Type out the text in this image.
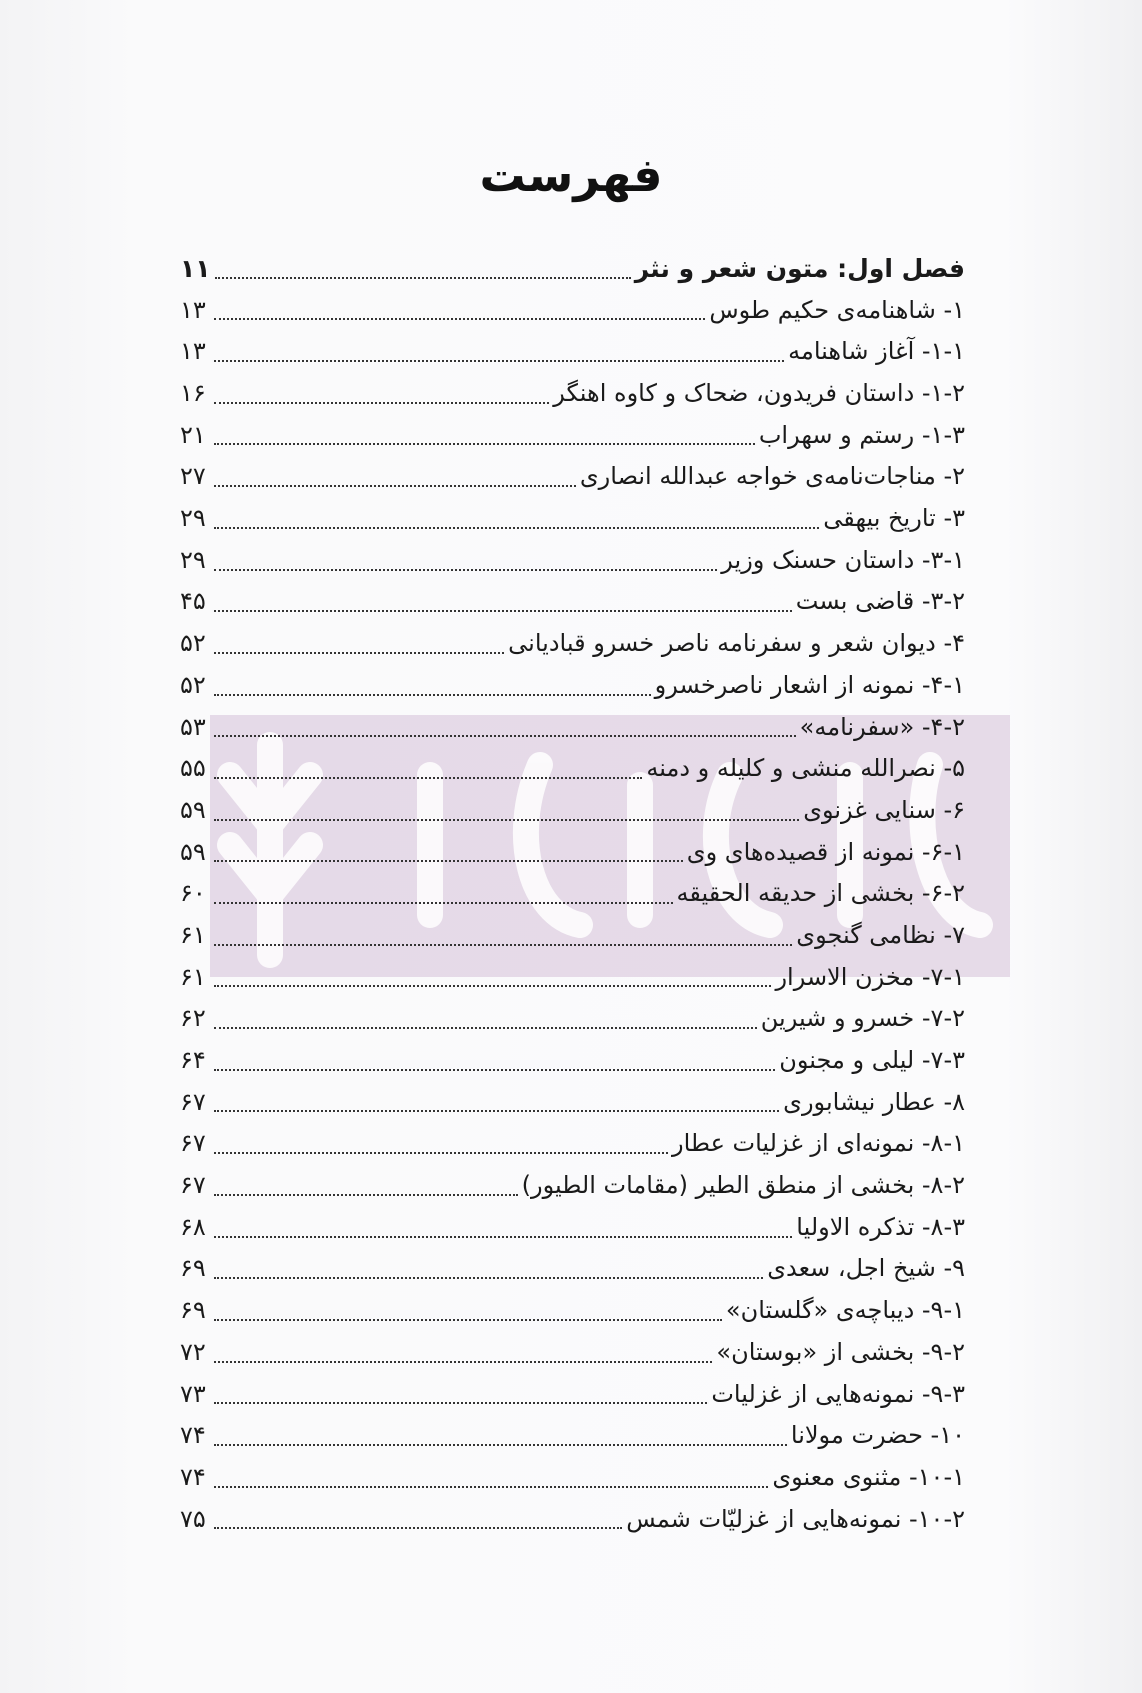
فهرست
فصل اول: متون شعر و نثر
۱۱
۱- شاهنامه‌ی حکیم طوس
۱۳
۱-۱- آغاز شاهنامه
۱۳
۱-۲- داستان فریدون، ضحاک و کاوه اهنگر
۱۶
۱-۳- رستم و سهراب
۲۱
۲- مناجات‌نامه‌ی خواجه عبدالله انصاری
۲۷
۳- تاریخ بیهقی
۲۹
۳-۱- داستان حسنک وزیر
۲۹
۳-۲- قاضی بست
۴۵
۴- دیوان شعر و سفرنامه ناصر خسرو قبادیانی
۵۲
۴-۱- نمونه از اشعار ناصرخسرو
۵۲
۴-۲- «سفرنامه»
۵۳
۵- نصرالله منشی و کلیله و دمنه
۵۵
۶- سنایی غزنوی
۵۹
۶-۱- نمونه از قصیده‌های وی
۵۹
۶-۲- بخشی از حدیقه الحقیقه
۶۰
۷- نظامی گنجوی
۶۱
۷-۱- مخزن الاسرار
۶۱
۷-۲- خسرو و شیرین
۶۲
۷-۳- لیلی و مجنون
۶۴
۸- عطار نیشابوری
۶۷
۸-۱- نمونه‌ای از غزلیات عطار
۶۷
۸-۲- بخشی از منطق الطیر (مقامات الطیور)
۶۷
۸-۳- تذکره الاولیا
۶۸
۹- شیخ اجل، سعدی
۶۹
۹-۱- دیباچه‌ی «گلستان»
۶۹
۹-۲- بخشی از «بوستان»
۷۲
۹-۳- نمونه‌هایی از غزلیات
۷۳
۱۰- حضرت مولانا
۷۴
۱۰-۱- مثنوی معنوی
۷۴
۱۰-۲- نمونه‌هایی از غزلیّات شمس
۷۵
